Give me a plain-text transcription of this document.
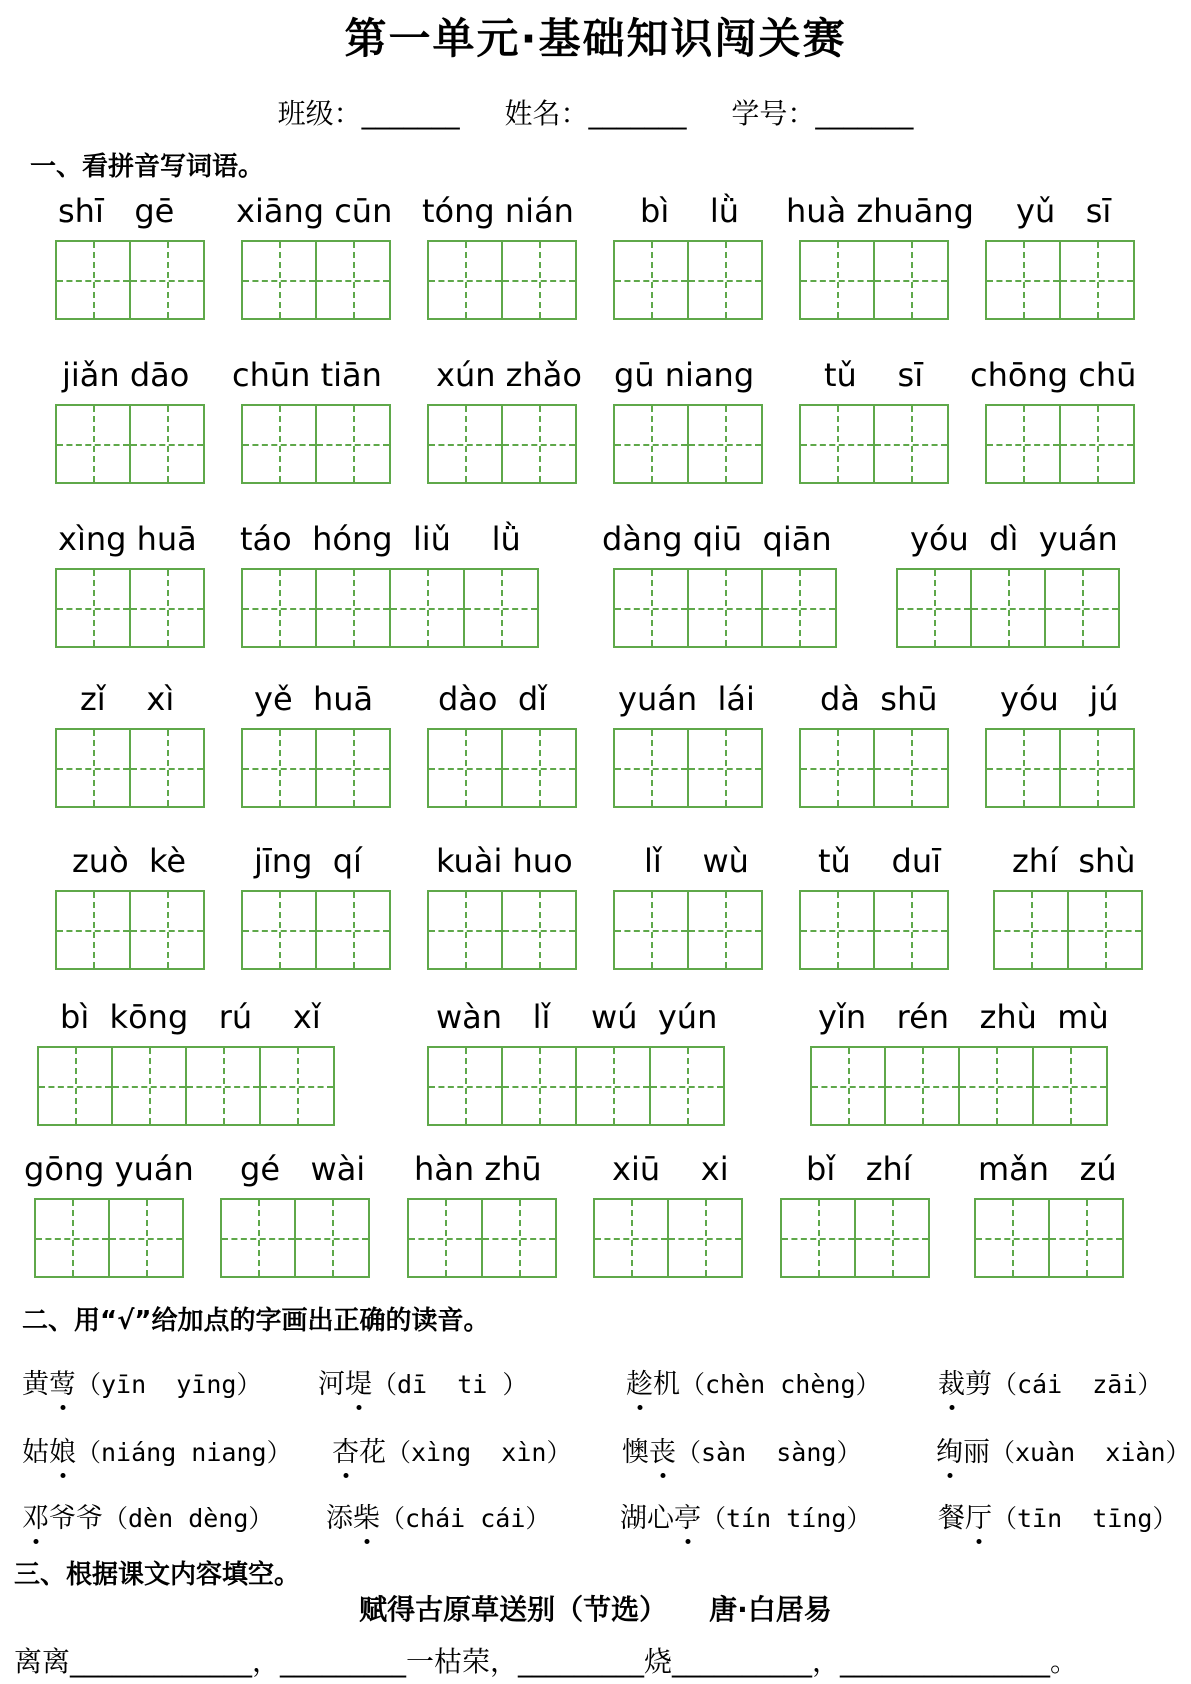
第一单元·基础知识闯关赛
班级：_______ 姓名：_______ 学号：_______
一、看拼音写词语。
shī   gē xiāng cūn tóng nián bì    lǜ huà zhuāng yǔ   sī
jiǎn dāo chūn tiān xún zhǎo gū niang tǔ    sī chōng chū
xìng huā táo  hóng  liǔ    lǜ	dàng qiū  qiān yóu  dì  yuán
zǐ    xì yě  huā dào  dǐ yuán  lái dà  shū yóu   jú
zuò  kè jīng  qí kuài huo lǐ    wù tǔ    duī zhí  shù
bì  kōng   rú    xǐ	wàn   lǐ    wú  yún	yǐn   rén   zhù  mù
gōng yuán gé   wài hàn zhū xiū    xi bǐ   zhí mǎn   zú
二、用“√”给加点的字画出正确的读音。
黄莺（yīn  yīng） 河堤（dī  ti ）	趁机（chèn chèng） 裁剪（cái  zāi）
姑娘（niáng niang） 杏花（xìng  xìn） 懊丧（sàn  sàng）	绚丽（xuàn  xiàn）
邓爷爷（dèn dèng） 添柴（chái cái）	湖心亭（tín tíng） 餐厅（tīn  tīng）
三、根据课文内容填空。
赋得古原草送别（节选）　　唐·白居易
离离_____________，_________一枯荣，_________烧__________，_______________。
